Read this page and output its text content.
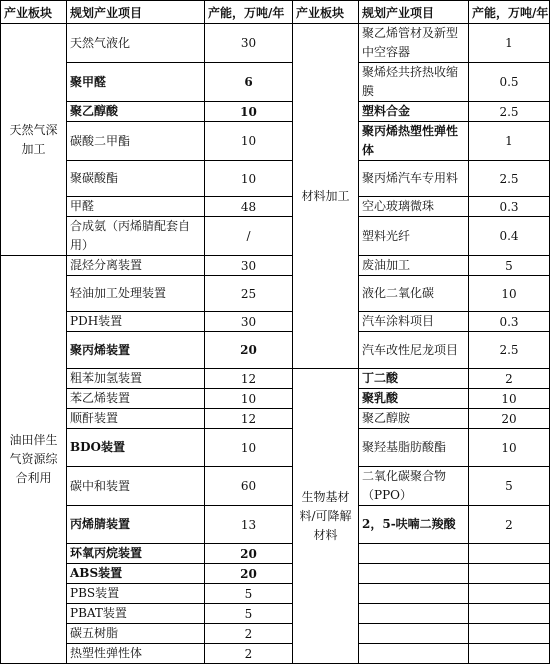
产业板块	规划产业项目	产能，万吨/年	产业板块	规划产业项目	产能，万吨/年
天然气深加工	天然气液化	30	材料加工	聚乙烯管材及新型中空容器	1
	聚甲醛	6		聚烯烃共挤热收缩膜	0.5
	聚乙醇酸	10		塑料合金	2.5
	碳酸二甲酯	10		聚丙烯热塑性弹性体	1
	聚碳酸酯	10		聚丙烯汽车专用料	2.5
	甲醛	48		空心玻璃微珠	0.3
	合成氨（丙烯腈配套自用）	/		塑料光纤	0.4
油田伴生气资源综合利用	混烃分离装置	30		废油加工	5
	轻油加工处理装置	25		液化二氧化碳	10
	PDH装置	30		汽车涂料项目	0.3
	聚丙烯装置	20		汽车改性尼龙项目	2.5
	粗苯加氢装置	12	生物基材料/可降解材料	丁二酸	2
	苯乙烯装置	10		聚乳酸	10
	顺酐装置	12		聚乙醇胺	20
	BDO装置	10		聚羟基脂肪酸酯	10
	碳中和装置	60		二氧化碳聚合物（PPO）	5
	丙烯腈装置	13		2，5-呋喃二羧酸	2
	环氧丙烷装置	20			
	ABS装置	20			
	PBS装置	5			
	PBAT装置	5			
	碳五树脂	2			
	热塑性弹性体	2			
